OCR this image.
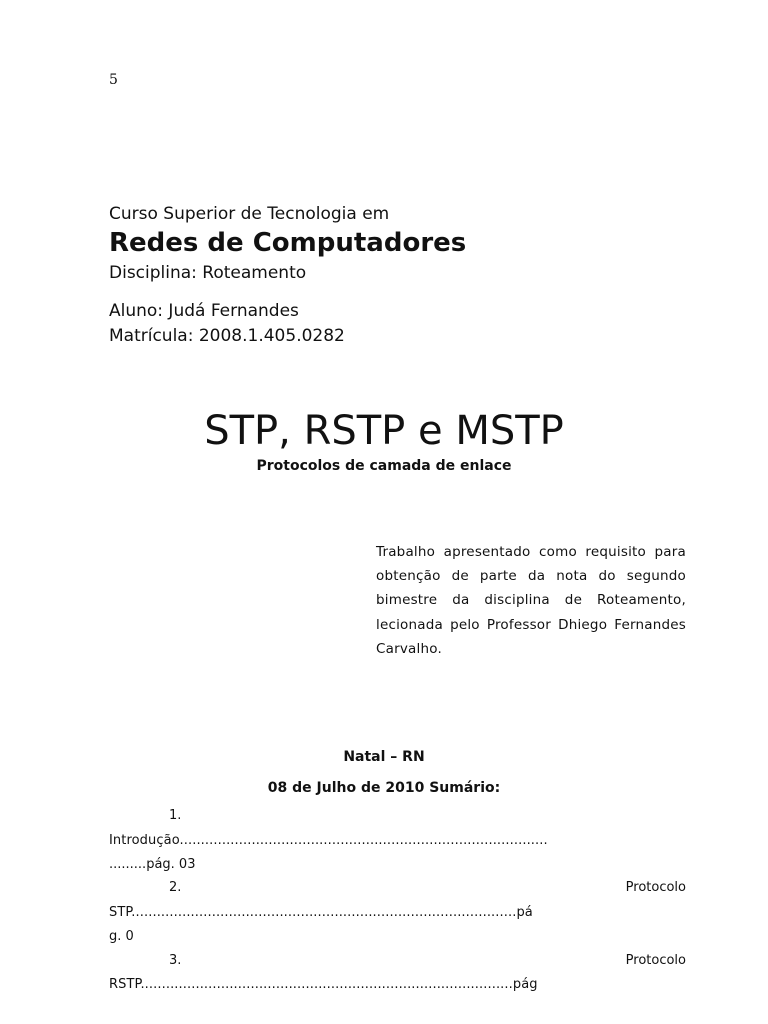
5
Curso Superior de Tecnologia em
Redes de Computadores
Disciplina: Roteamento
Aluno: Judá Fernandes
Matrícula: 2008.1.405.0282
STP, RSTP e MSTP
Protocolos de camada de enlace
Trabalho apresentado como requisito para obtenção de parte da nota do segundo bimestre da disciplina de Roteamento, lecionada pelo Professor Dhiego Fernandes Carvalho.
Natal – RN
08 de Julho de 2010 Sumário:
1.
Introdução.......................................................................................
.........pág. 03
2.	Protocolo
STP...........................................................................................pá
g. 0
3.	Protocolo
RSTP........................................................................................pág
